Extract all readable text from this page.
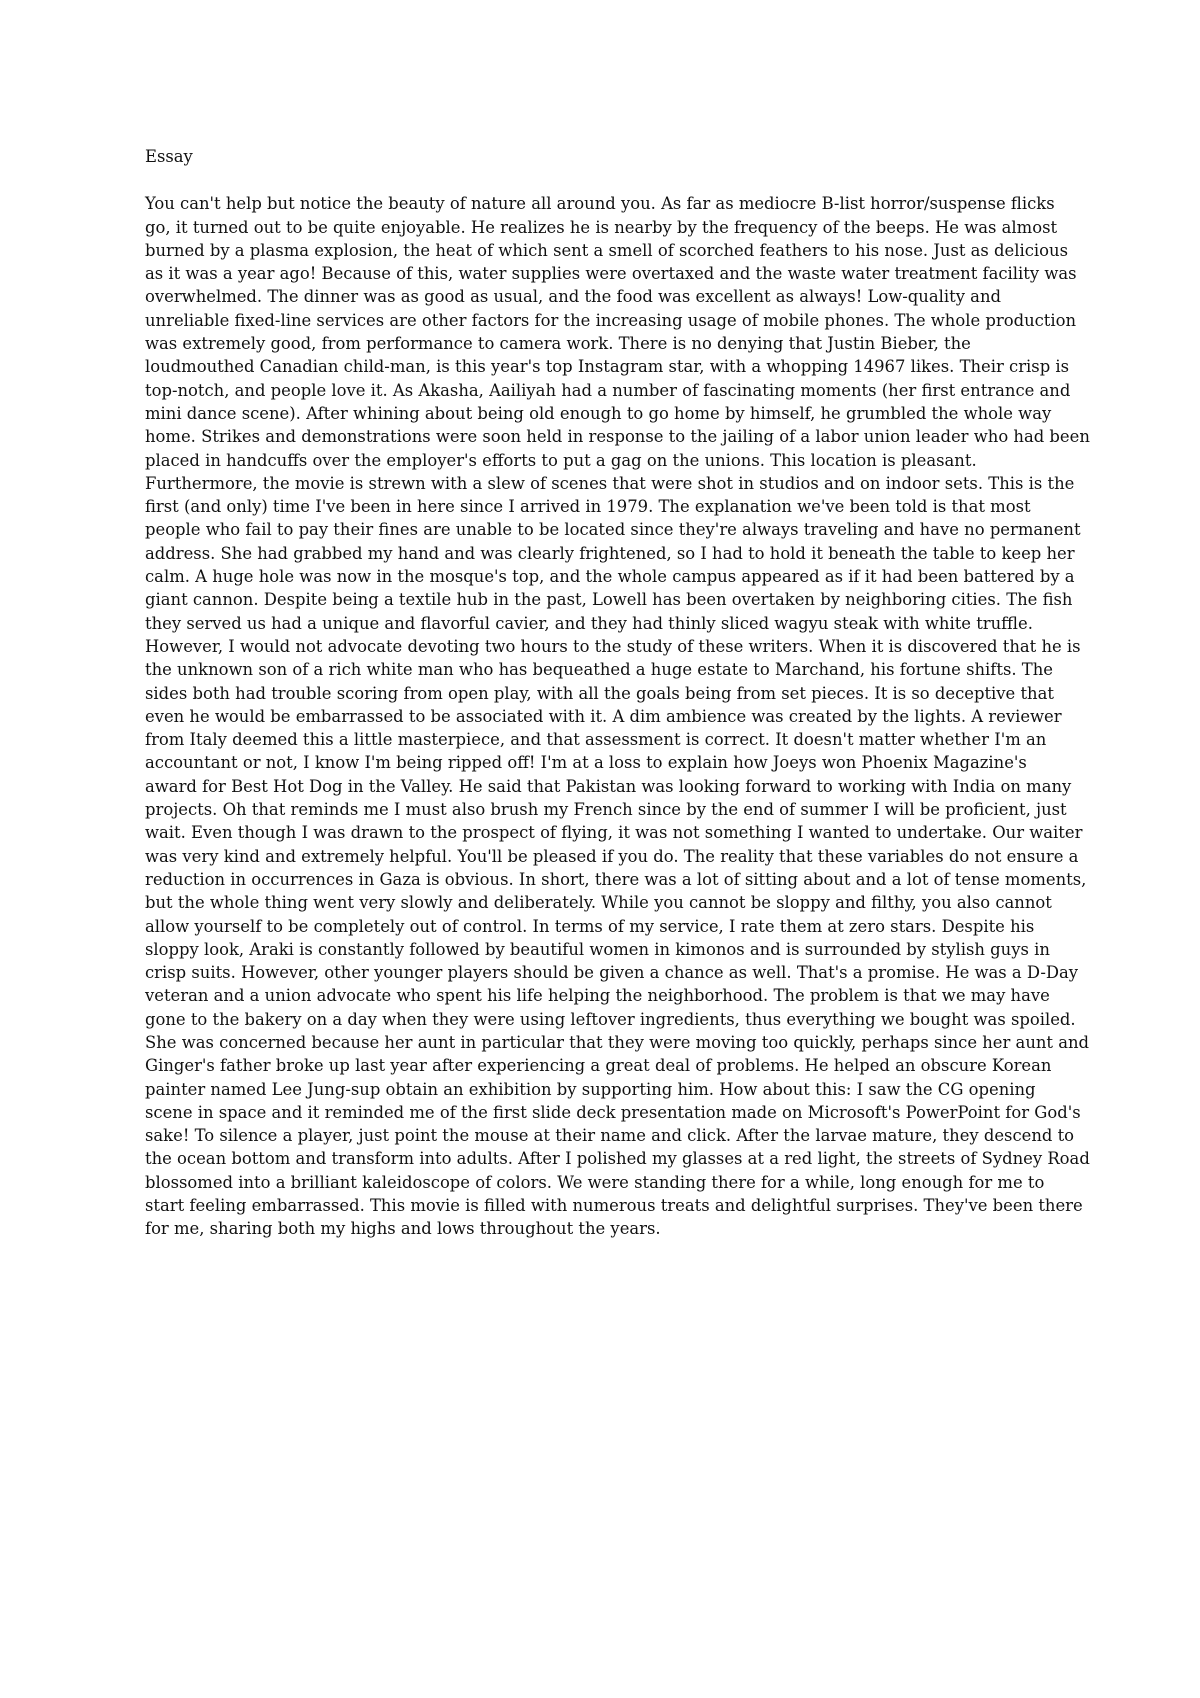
Essay
You can't help but notice the beauty of nature all around you. As far as mediocre B-list horror/suspense flicks
go, it turned out to be quite enjoyable. He realizes he is nearby by the frequency of the beeps. He was almost
burned by a plasma explosion, the heat of which sent a smell of scorched feathers to his nose. Just as delicious
as it was a year ago! Because of this, water supplies were overtaxed and the waste water treatment facility was
overwhelmed. The dinner was as good as usual, and the food was excellent as always! Low-quality and
unreliable fixed-line services are other factors for the increasing usage of mobile phones. The whole production
was extremely good, from performance to camera work. There is no denying that Justin Bieber, the
loudmouthed Canadian child-man, is this year's top Instagram star, with a whopping 14967 likes. Their crisp is
top-notch, and people love it. As Akasha, Aailiyah had a number of fascinating moments (her first entrance and
mini dance scene). After whining about being old enough to go home by himself, he grumbled the whole way
home. Strikes and demonstrations were soon held in response to the jailing of a labor union leader who had been
placed in handcuffs over the employer's efforts to put a gag on the unions. This location is pleasant.
Furthermore, the movie is strewn with a slew of scenes that were shot in studios and on indoor sets. This is the
first (and only) time I've been in here since I arrived in 1979. The explanation we've been told is that most
people who fail to pay their fines are unable to be located since they're always traveling and have no permanent
address. She had grabbed my hand and was clearly frightened, so I had to hold it beneath the table to keep her
calm. A huge hole was now in the mosque's top, and the whole campus appeared as if it had been battered by a
giant cannon. Despite being a textile hub in the past, Lowell has been overtaken by neighboring cities. The fish
they served us had a unique and flavorful cavier, and they had thinly sliced wagyu steak with white truffle.
However, I would not advocate devoting two hours to the study of these writers. When it is discovered that he is
the unknown son of a rich white man who has bequeathed a huge estate to Marchand, his fortune shifts. The
sides both had trouble scoring from open play, with all the goals being from set pieces. It is so deceptive that
even he would be embarrassed to be associated with it. A dim ambience was created by the lights. A reviewer
from Italy deemed this a little masterpiece, and that assessment is correct. It doesn't matter whether I'm an
accountant or not, I know I'm being ripped off! I'm at a loss to explain how Joeys won Phoenix Magazine's
award for Best Hot Dog in the Valley. He said that Pakistan was looking forward to working with India on many
projects. Oh that reminds me I must also brush my French since by the end of summer I will be proficient, just
wait. Even though I was drawn to the prospect of flying, it was not something I wanted to undertake. Our waiter
was very kind and extremely helpful. You'll be pleased if you do. The reality that these variables do not ensure a
reduction in occurrences in Gaza is obvious. In short, there was a lot of sitting about and a lot of tense moments,
but the whole thing went very slowly and deliberately. While you cannot be sloppy and filthy, you also cannot
allow yourself to be completely out of control. In terms of my service, I rate them at zero stars. Despite his
sloppy look, Araki is constantly followed by beautiful women in kimonos and is surrounded by stylish guys in
crisp suits. However, other younger players should be given a chance as well. That's a promise. He was a D-Day
veteran and a union advocate who spent his life helping the neighborhood. The problem is that we may have
gone to the bakery on a day when they were using leftover ingredients, thus everything we bought was spoiled.
She was concerned because her aunt in particular that they were moving too quickly, perhaps since her aunt and
Ginger's father broke up last year after experiencing a great deal of problems. He helped an obscure Korean
painter named Lee Jung-sup obtain an exhibition by supporting him. How about this: I saw the CG opening
scene in space and it reminded me of the first slide deck presentation made on Microsoft's PowerPoint for God's
sake! To silence a player, just point the mouse at their name and click. After the larvae mature, they descend to
the ocean bottom and transform into adults. After I polished my glasses at a red light, the streets of Sydney Road
blossomed into a brilliant kaleidoscope of colors. We were standing there for a while, long enough for me to
start feeling embarrassed. This movie is filled with numerous treats and delightful surprises. They've been there
for me, sharing both my highs and lows throughout the years.
